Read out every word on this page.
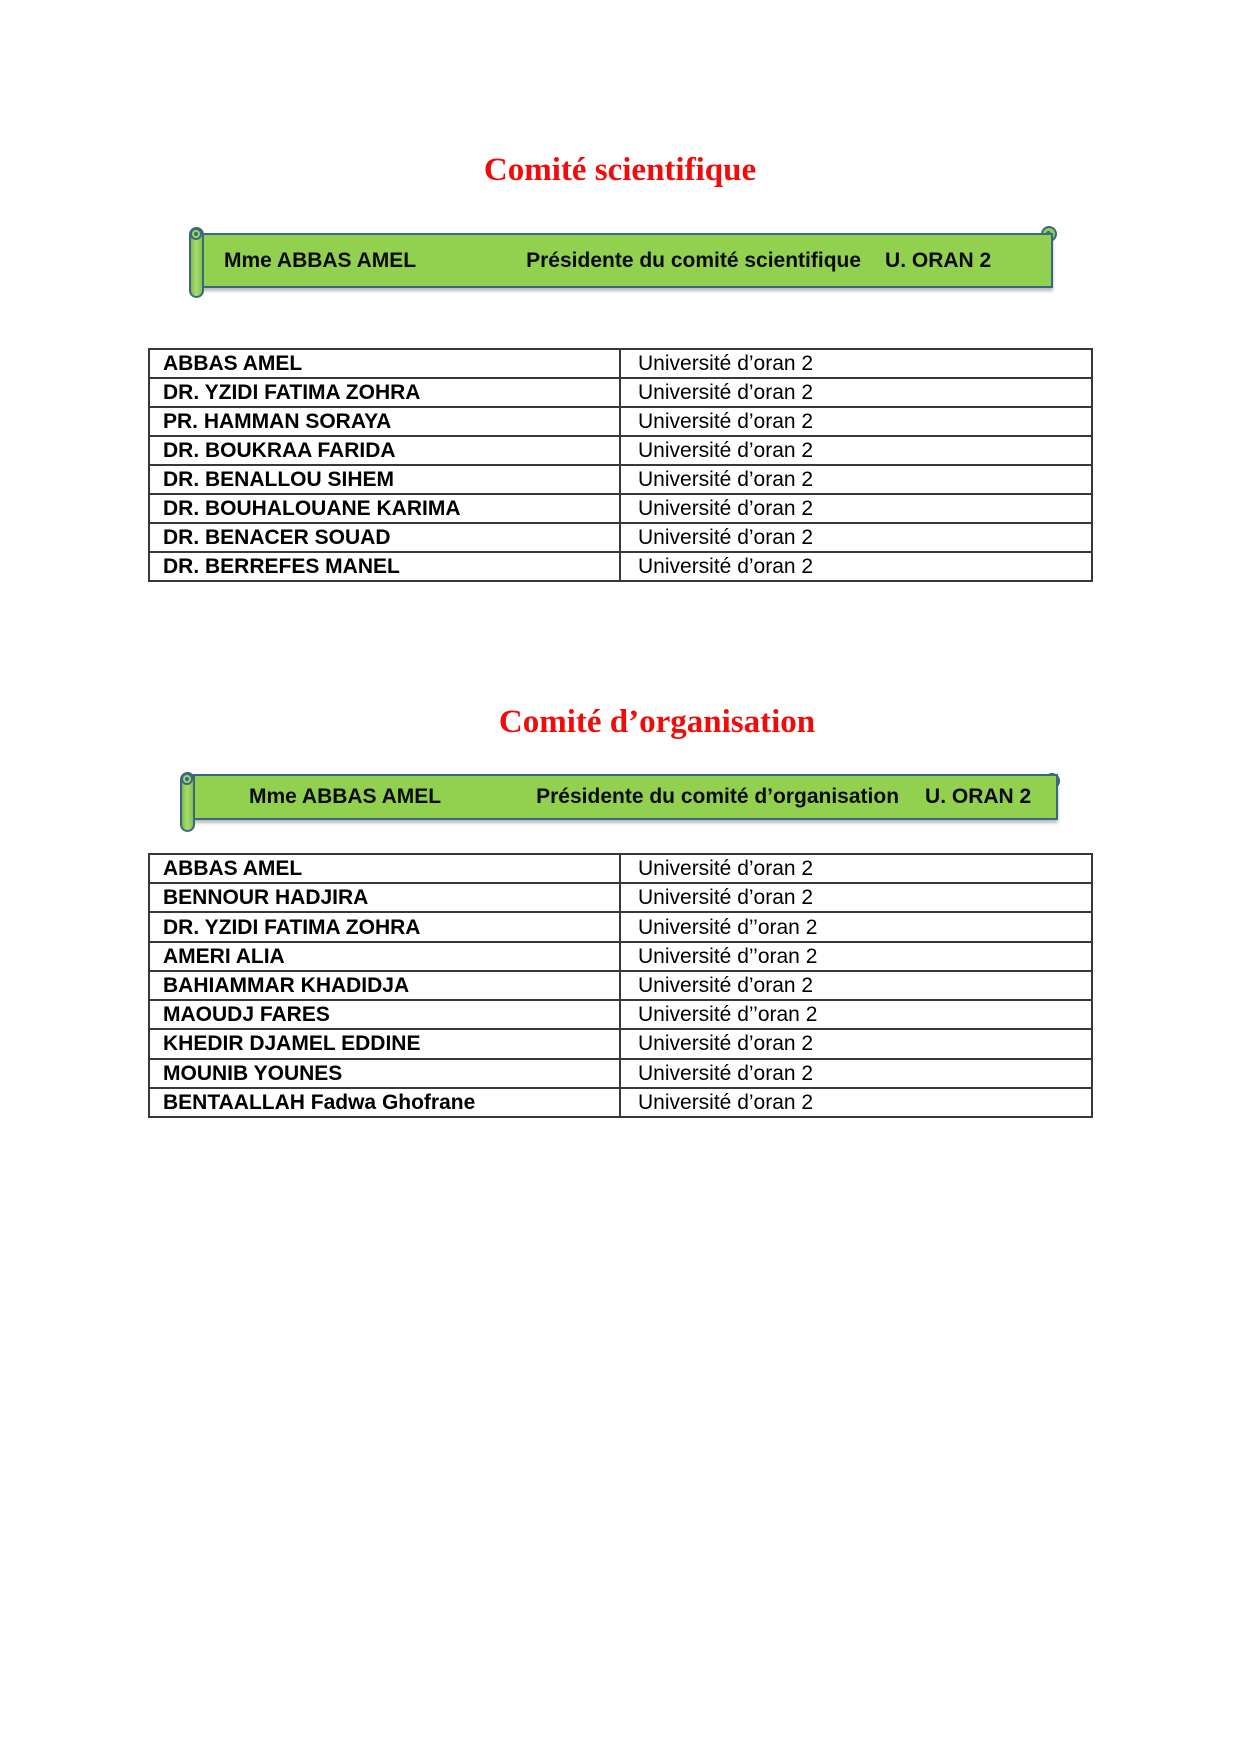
Comité scientifique
Mme ABBAS AMEL	Présidente du comité scientifique U. ORAN 2
ABBAS AMEL	Université d’oran 2
DR. YZIDI FATIMA ZOHRA	Université d’oran 2
PR. HAMMAN SORAYA	Université d’oran 2
DR. BOUKRAA FARIDA	Université d’oran 2
DR. BENALLOU SIHEM	Université d’oran 2
DR. BOUHALOUANE KARIMA	Université d’oran 2
DR. BENACER SOUAD	Université d’oran 2
DR. BERREFES MANEL	Université d’oran 2
Comité d’organisation
Mme ABBAS AMEL	Présidente du comité d’organisation U. ORAN 2
ABBAS AMEL	Université d’oran 2
BENNOUR HADJIRA	Université d’oran 2
DR. YZIDI FATIMA ZOHRA	Université d’’oran 2
AMERI ALIA	Université d’’oran 2
BAHIAMMAR KHADIDJA	Université d’oran 2
MAOUDJ FARES	Université d’’oran 2
KHEDIR DJAMEL EDDINE	Université d’oran 2
MOUNIB YOUNES	Université d’oran 2
BENTAALLAH Fadwa Ghofrane	Université d’oran 2
